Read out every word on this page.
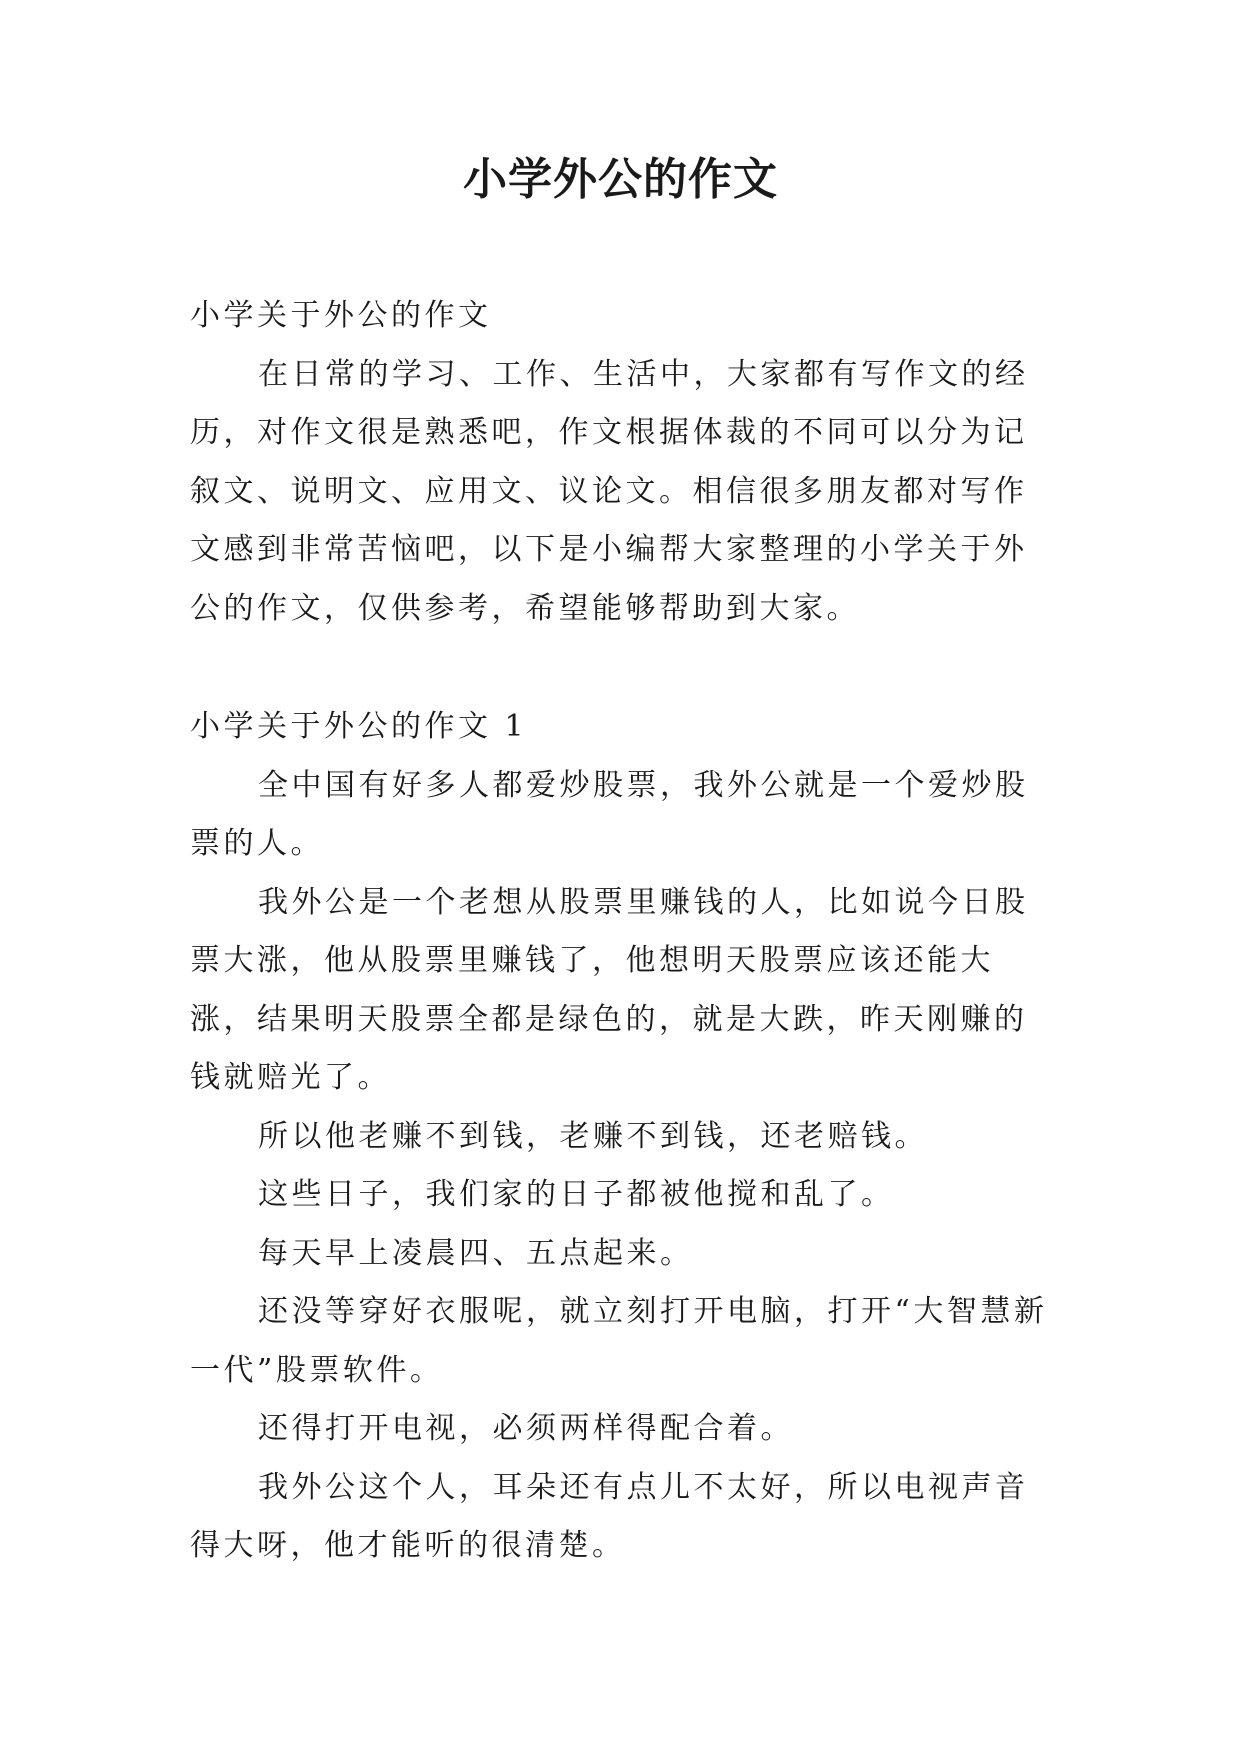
小学外公的作文

小学关于外公的作文

在日常的学习、工作、生活中，大家都有写作文的经历，对作文很是熟悉吧，作文根据体裁的不同可以分为记叙文、说明文、应用文、议论文。相信很多朋友都对写作文感到非常苦恼吧，以下是小编帮大家整理的小学关于外公的作文，仅供参考，希望能够帮助到大家。

小学关于外公的作文 1

全中国有好多人都爱炒股票，我外公就是一个爱炒股票的人。

我外公是一个老想从股票里赚钱的人，比如说今日股票大涨，他从股票里赚钱了，他想明天股票应该还能大涨，结果明天股票全都是绿色的，就是大跌，昨天刚赚的钱就赔光了。

所以他老赚不到钱，老赚不到钱，还老赔钱。

这些日子，我们家的日子都被他搅和乱了。

每天早上凌晨四、五点起来。

还没等穿好衣服呢，就立刻打开电脑，打开“大智慧新一代”股票软件。

还得打开电视，必须两样得配合着。

我外公这个人，耳朵还有点儿不太好，所以电视声音得大呀，他才能听的很清楚。
